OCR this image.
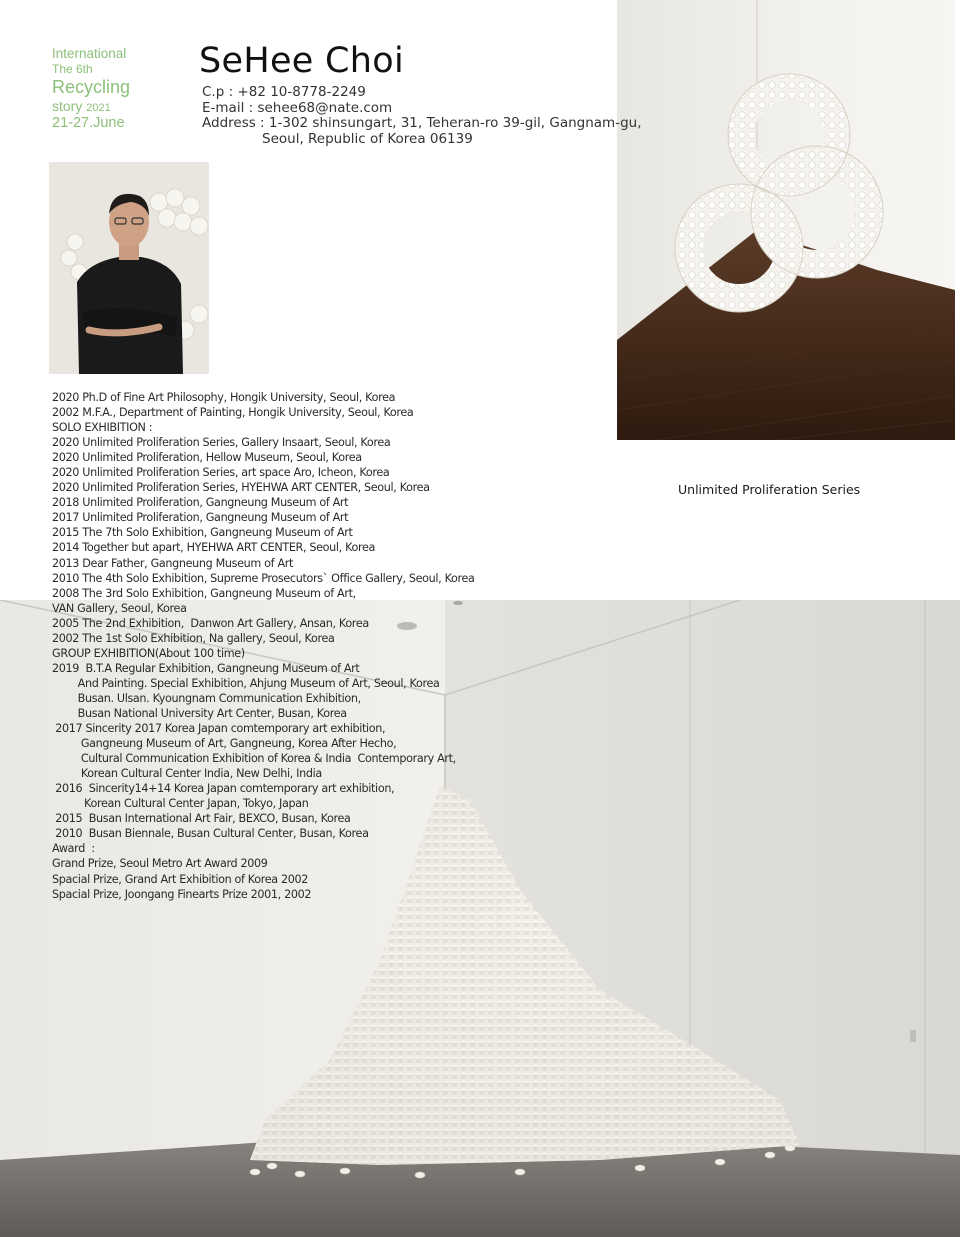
Unlimited Proliferation Series
International
The 6th
Recycling
story 2021
21-27.June
SeHee Choi
C.p : +82 10-8778-2249
E-mail : sehee68@nate.com
Address : 1-302 shinsungart, 31, Teheran-ro 39-gil, Gangnam-gu,
Seoul, Republic of Korea 06139
2020 Ph.D of Fine Art Philosophy, Hongik University, Seoul, Korea
2002 M.F.A., Department of Painting, Hongik University, Seoul, Korea
SOLO EXHIBITION :
2020 Unlimited Proliferation Series, Gallery Insaart, Seoul, Korea
2020 Unlimited Proliferation, Hellow Museum, Seoul, Korea
2020 Unlimited Proliferation Series, art space Aro, Icheon, Korea
2020 Unlimited Proliferation Series, HYEHWA ART CENTER, Seoul, Korea
2018 Unlimited Proliferation, Gangneung Museum of Art
2017 Unlimited Proliferation, Gangneung Museum of Art
2015 The 7th Solo Exhibition, Gangneung Museum of Art
2014 Together but apart, HYEHWA ART CENTER, Seoul, Korea
2013 Dear Father, Gangneung Museum of Art
2010 The 4th Solo Exhibition, Supreme Prosecutors` Office Gallery, Seoul, Korea
2008 The 3rd Solo Exhibition, Gangneung Museum of Art,
VAN Gallery, Seoul, Korea
2005 The 2nd Exhibition,  Danwon Art Gallery, Ansan, Korea
2002 The 1st Solo Exhibition, Na gallery, Seoul, Korea
GROUP EXHIBITION(About 100 time)
2019  B.T.A Regular Exhibition, Gangneung Museum of Art
And Painting. Special Exhibition, Ahjung Museum of Art, Seoul, Korea
Busan. Ulsan. Kyoungnam Communication Exhibition,
Busan National University Art Center, Busan, Korea
2017 Sincerity 2017 Korea Japan comtemporary art exhibition,
Gangneung Museum of Art, Gangneung, Korea After Hecho,
Cultural Communication Exhibition of Korea & India  Contemporary Art,
Korean Cultural Center India, New Delhi, India
2016  Sincerity14+14 Korea Japan comtemporary art exhibition,
Korean Cultural Center Japan, Tokyo, Japan
2015  Busan International Art Fair, BEXCO, Busan, Korea
2010  Busan Biennale, Busan Cultural Center, Busan, Korea
Award  :
Grand Prize, Seoul Metro Art Award 2009
Spacial Prize, Grand Art Exhibition of Korea 2002
Spacial Prize, Joongang Finearts Prize 2001, 2002
